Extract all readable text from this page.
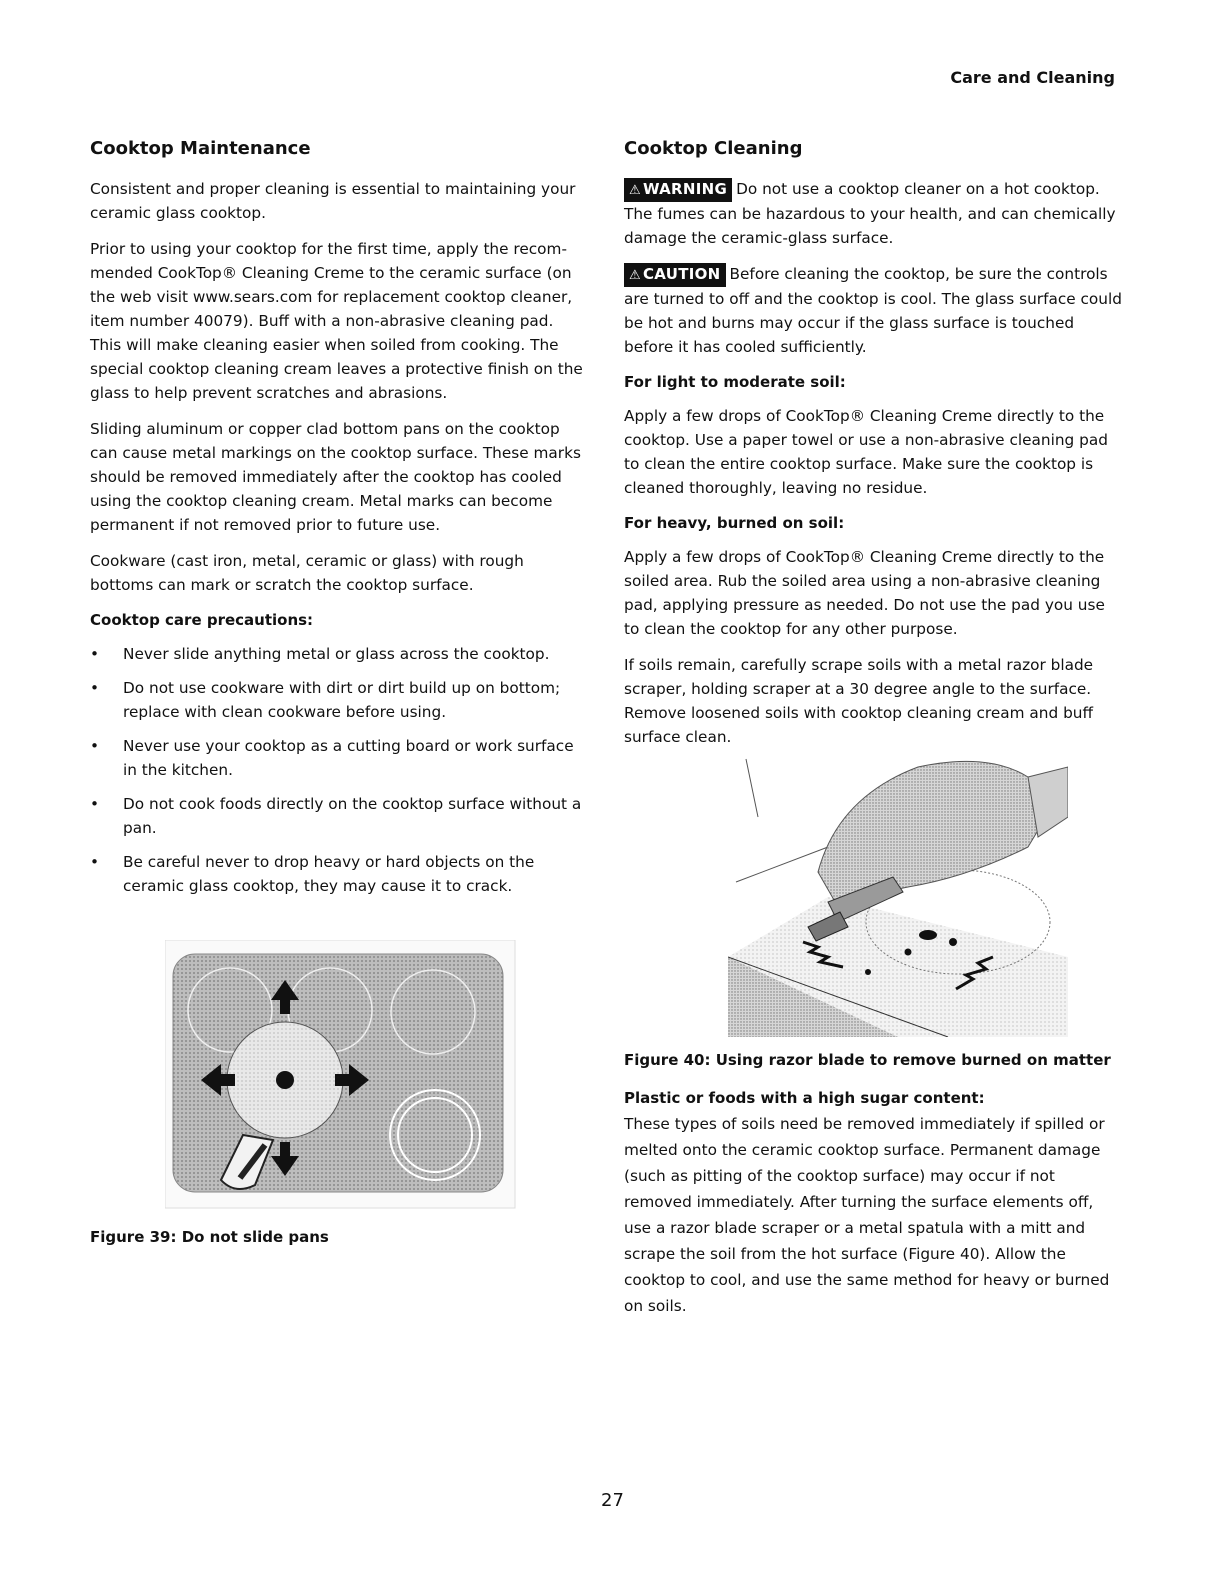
Care and Cleaning
Cooktop Maintenance

Consistent and proper cleaning is essential to maintaining your ceramic glass cooktop.

Prior to using your cooktop for the first time, apply the recom-mended CookTop® Cleaning Creme to the ceramic surface (on the web visit www.sears.com for replacement cooktop cleaner, item number 40079). Buff with a non-abrasive cleaning pad. This will make cleaning easier when soiled from cooking. The special cooktop cleaning cream leaves a protective finish on the glass to help prevent scratches and abrasions.

Sliding aluminum or copper clad bottom pans on the cooktop can cause metal markings on the cooktop surface. These marks should be removed immediately after the cooktop has cooled using the cooktop cleaning cream. Metal marks can become permanent if not removed prior to future use.

Cookware (cast iron, metal, ceramic or glass) with rough bottoms can mark or scratch the cooktop surface.

Cooktop care precautions:
• Never slide anything metal or glass across the cooktop.
• Do not use cookware with dirt or dirt build up on bottom; replace with clean cookware before using.
• Never use your cooktop as a cutting board or work surface in the kitchen.
• Do not cook foods directly on the cooktop surface without a pan.
• Be careful never to drop heavy or hard objects on the ceramic glass cooktop, they may cause it to crack.
Figure 39: Do not slide pans
Cooktop Cleaning

⚠ WARNING Do not use a cooktop cleaner on a hot cooktop. The fumes can be hazardous to your health, and can chemically damage the ceramic-glass surface.

⚠ CAUTION Before cleaning the cooktop, be sure the controls are turned to off and the cooktop is cool. The glass surface could be hot and burns may occur if the glass surface is touched before it has cooled sufficiently.

For light to moderate soil:

Apply a few drops of CookTop® Cleaning Creme directly to the cooktop. Use a paper towel or use a non-abrasive cleaning pad to clean the entire cooktop surface. Make sure the cooktop is cleaned thoroughly, leaving no residue.

For heavy, burned on soil:

Apply a few drops of CookTop® Cleaning Creme directly to the soiled area. Rub the soiled area using a non-abrasive cleaning pad, applying pressure as needed. Do not use the pad you use to clean the cooktop for any other purpose.

If soils remain, carefully scrape soils with a metal razor blade scraper, holding scraper at a 30 degree angle to the surface. Remove loosened soils with cooktop cleaning cream and buff surface clean.

Figure 40: Using razor blade to remove burned on matter
Plastic or foods with a high sugar content:

These types of soils need be removed immediately if spilled or melted onto the ceramic cooktop surface. Permanent damage (such as pitting of the cooktop surface) may occur if not removed immediately. After turning the surface elements off, use a razor blade scraper or a metal spatula with a mitt and scrape the soil from the hot surface (Figure 40). Allow the cooktop to cool, and use the same method for heavy or burned on soils.

27
